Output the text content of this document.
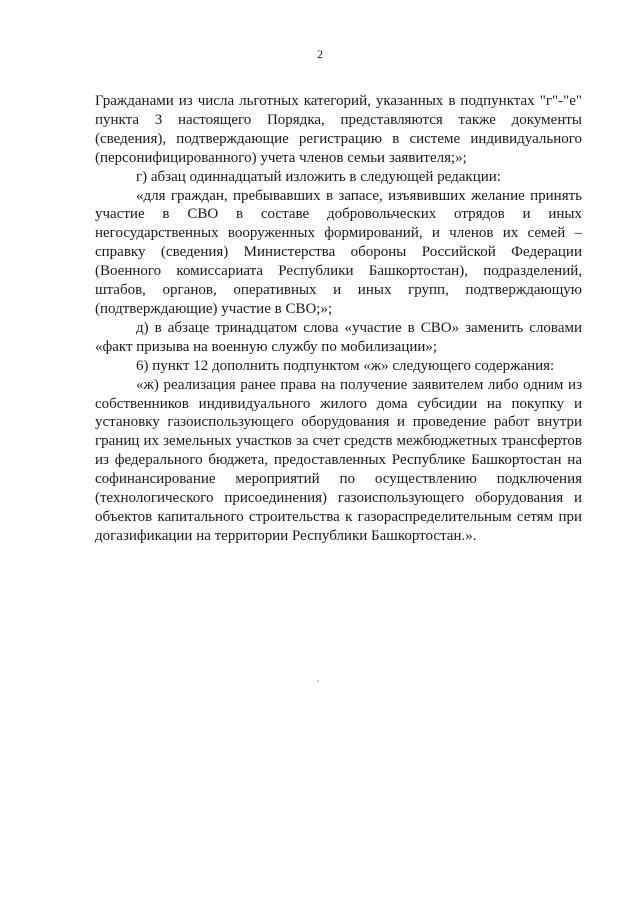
2

Гражданами из числа льготных категорий, указанных в подпунктах "г"-"е" пункта 3 настоящего Порядка, представляются также документы (сведения), подтверждающие регистрацию в системе индивидуального (персонифицированного) учета членов семьи заявителя;»;

г) абзац одиннадцатый изложить в следующей редакции:

«для граждан, пребывавших в запасе, изъявивших желание принять участие в СВО в составе добровольческих отрядов и иных негосударственных вооруженных формирований, и членов их семей – справку (сведения) Министерства обороны Российской Федерации (Военного комиссариата Республики Башкортостан), подразделений, штабов, органов, оперативных и иных групп, подтверждающую (подтверждающие) участие в СВО;»;

д) в абзаце тринадцатом слова «участие в СВО» заменить словами «факт призыва на военную службу по мобилизации»;

6) пункт 12 дополнить подпунктом «ж» следующего содержания:

«ж) реализация ранее права на получение заявителем либо одним из собственников индивидуального жилого дома субсидии на покупку и установку газоиспользующего оборудования и проведение работ внутри границ их земельных участков за счет средств межбюджетных трансфертов из федерального бюджета, предоставленных Республике Башкортостан на софинансирование мероприятий по осуществлению подключения (технологического присоединения) газоиспользующего оборудования и объектов капитального строительства к газораспределительным сетям при догазификации на территории Республики Башкортостан.».
